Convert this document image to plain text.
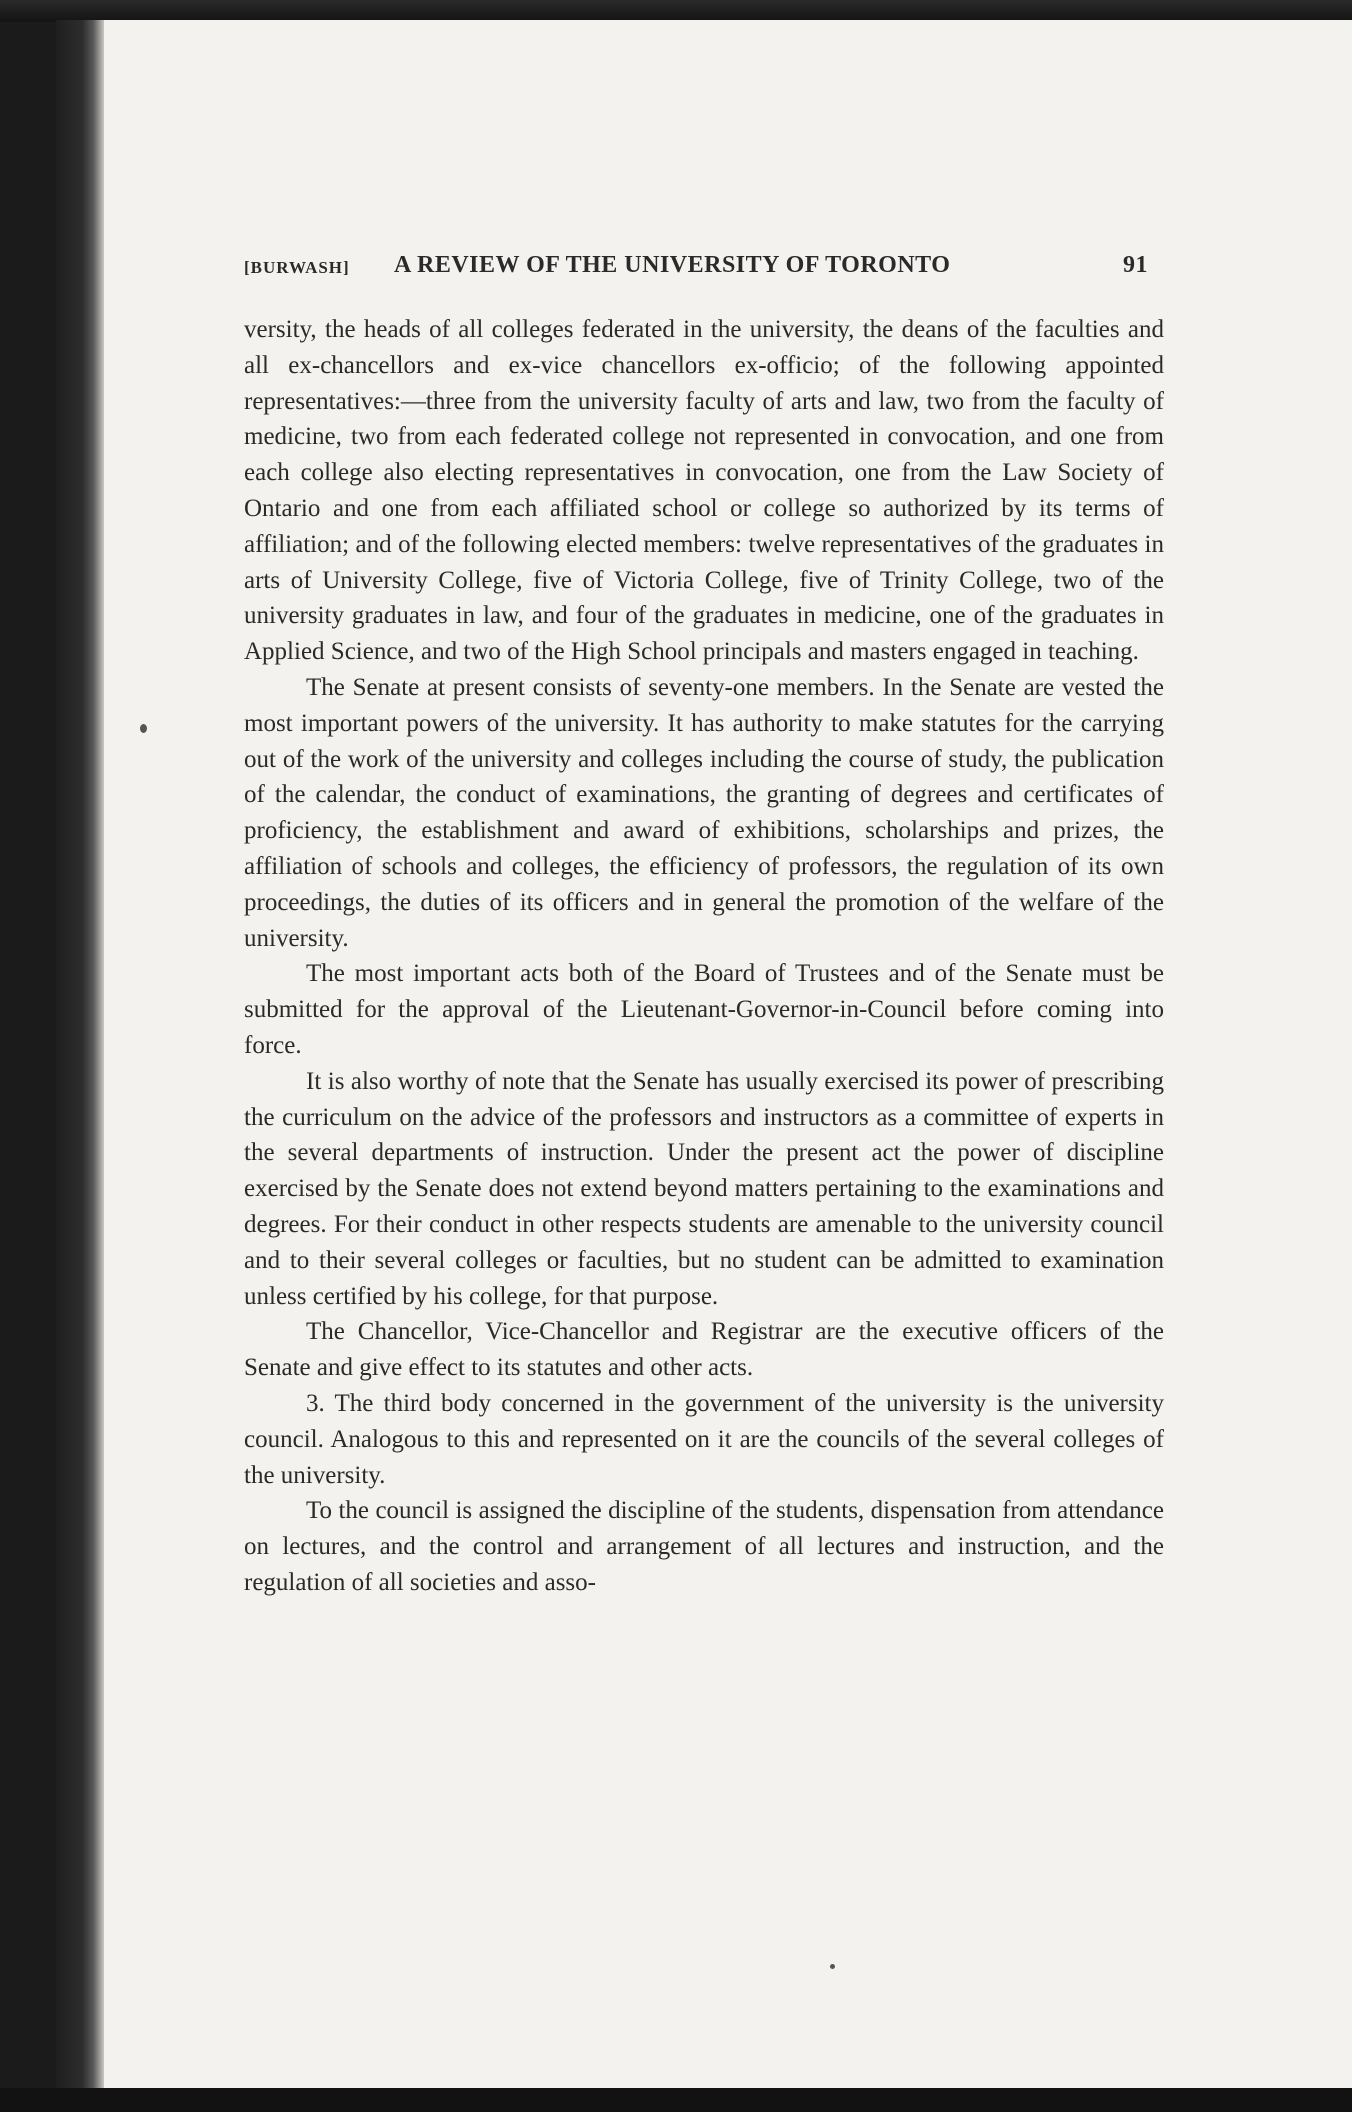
[BURWASH] A REVIEW OF THE UNIVERSITY OF TORONTO	91

versity, the heads of all colleges federated in the university, the deans of the faculties and all ex-chancellors and ex-vice chancellors ex-officio; of the following appointed representatives:—three from the university faculty of arts and law, two from the faculty of medicine, two from each federated college not represented in convocation, and one from each college also electing representatives in convocation, one from the Law Society of Ontario and one from each affiliated school or college so authorized by its terms of affiliation; and of the following elected members: twelve representatives of the graduates in arts of University College, five of Victoria College, five of Trinity College, two of the university graduates in law, and four of the graduates in medicine, one of the graduates in Applied Science, and two of the High School principals and masters engaged in teaching.

The Senate at present consists of seventy-one members. In the Senate are vested the most important powers of the university. It has authority to make statutes for the carrying out of the work of the university and colleges including the course of study, the publication of the calendar, the conduct of examinations, the granting of degrees and certificates of proficiency, the establishment and award of exhibitions, scholarships and prizes, the affiliation of schools and colleges, the efficiency of professors, the regulation of its own proceedings, the duties of its officers and in general the promotion of the welfare of the university.

The most important acts both of the Board of Trustees and of the Senate must be submitted for the approval of the Lieutenant-Governor-in-Council before coming into force.

It is also worthy of note that the Senate has usually exercised its power of prescribing the curriculum on the advice of the professors and instructors as a committee of experts in the several departments of instruction. Under the present act the power of discipline exercised by the Senate does not extend beyond matters pertaining to the examinations and degrees. For their conduct in other respects students are amenable to the university council and to their several colleges or faculties, but no student can be admitted to examination unless certified by his college, for that purpose.

The Chancellor, Vice-Chancellor and Registrar are the executive officers of the Senate and give effect to its statutes and other acts.

3. The third body concerned in the government of the university is the university council. Analogous to this and represented on it are the councils of the several colleges of the university.

To the council is assigned the discipline of the students, dispensation from attendance on lectures, and the control and arrangement of all lectures and instruction, and the regulation of all societies and asso-
